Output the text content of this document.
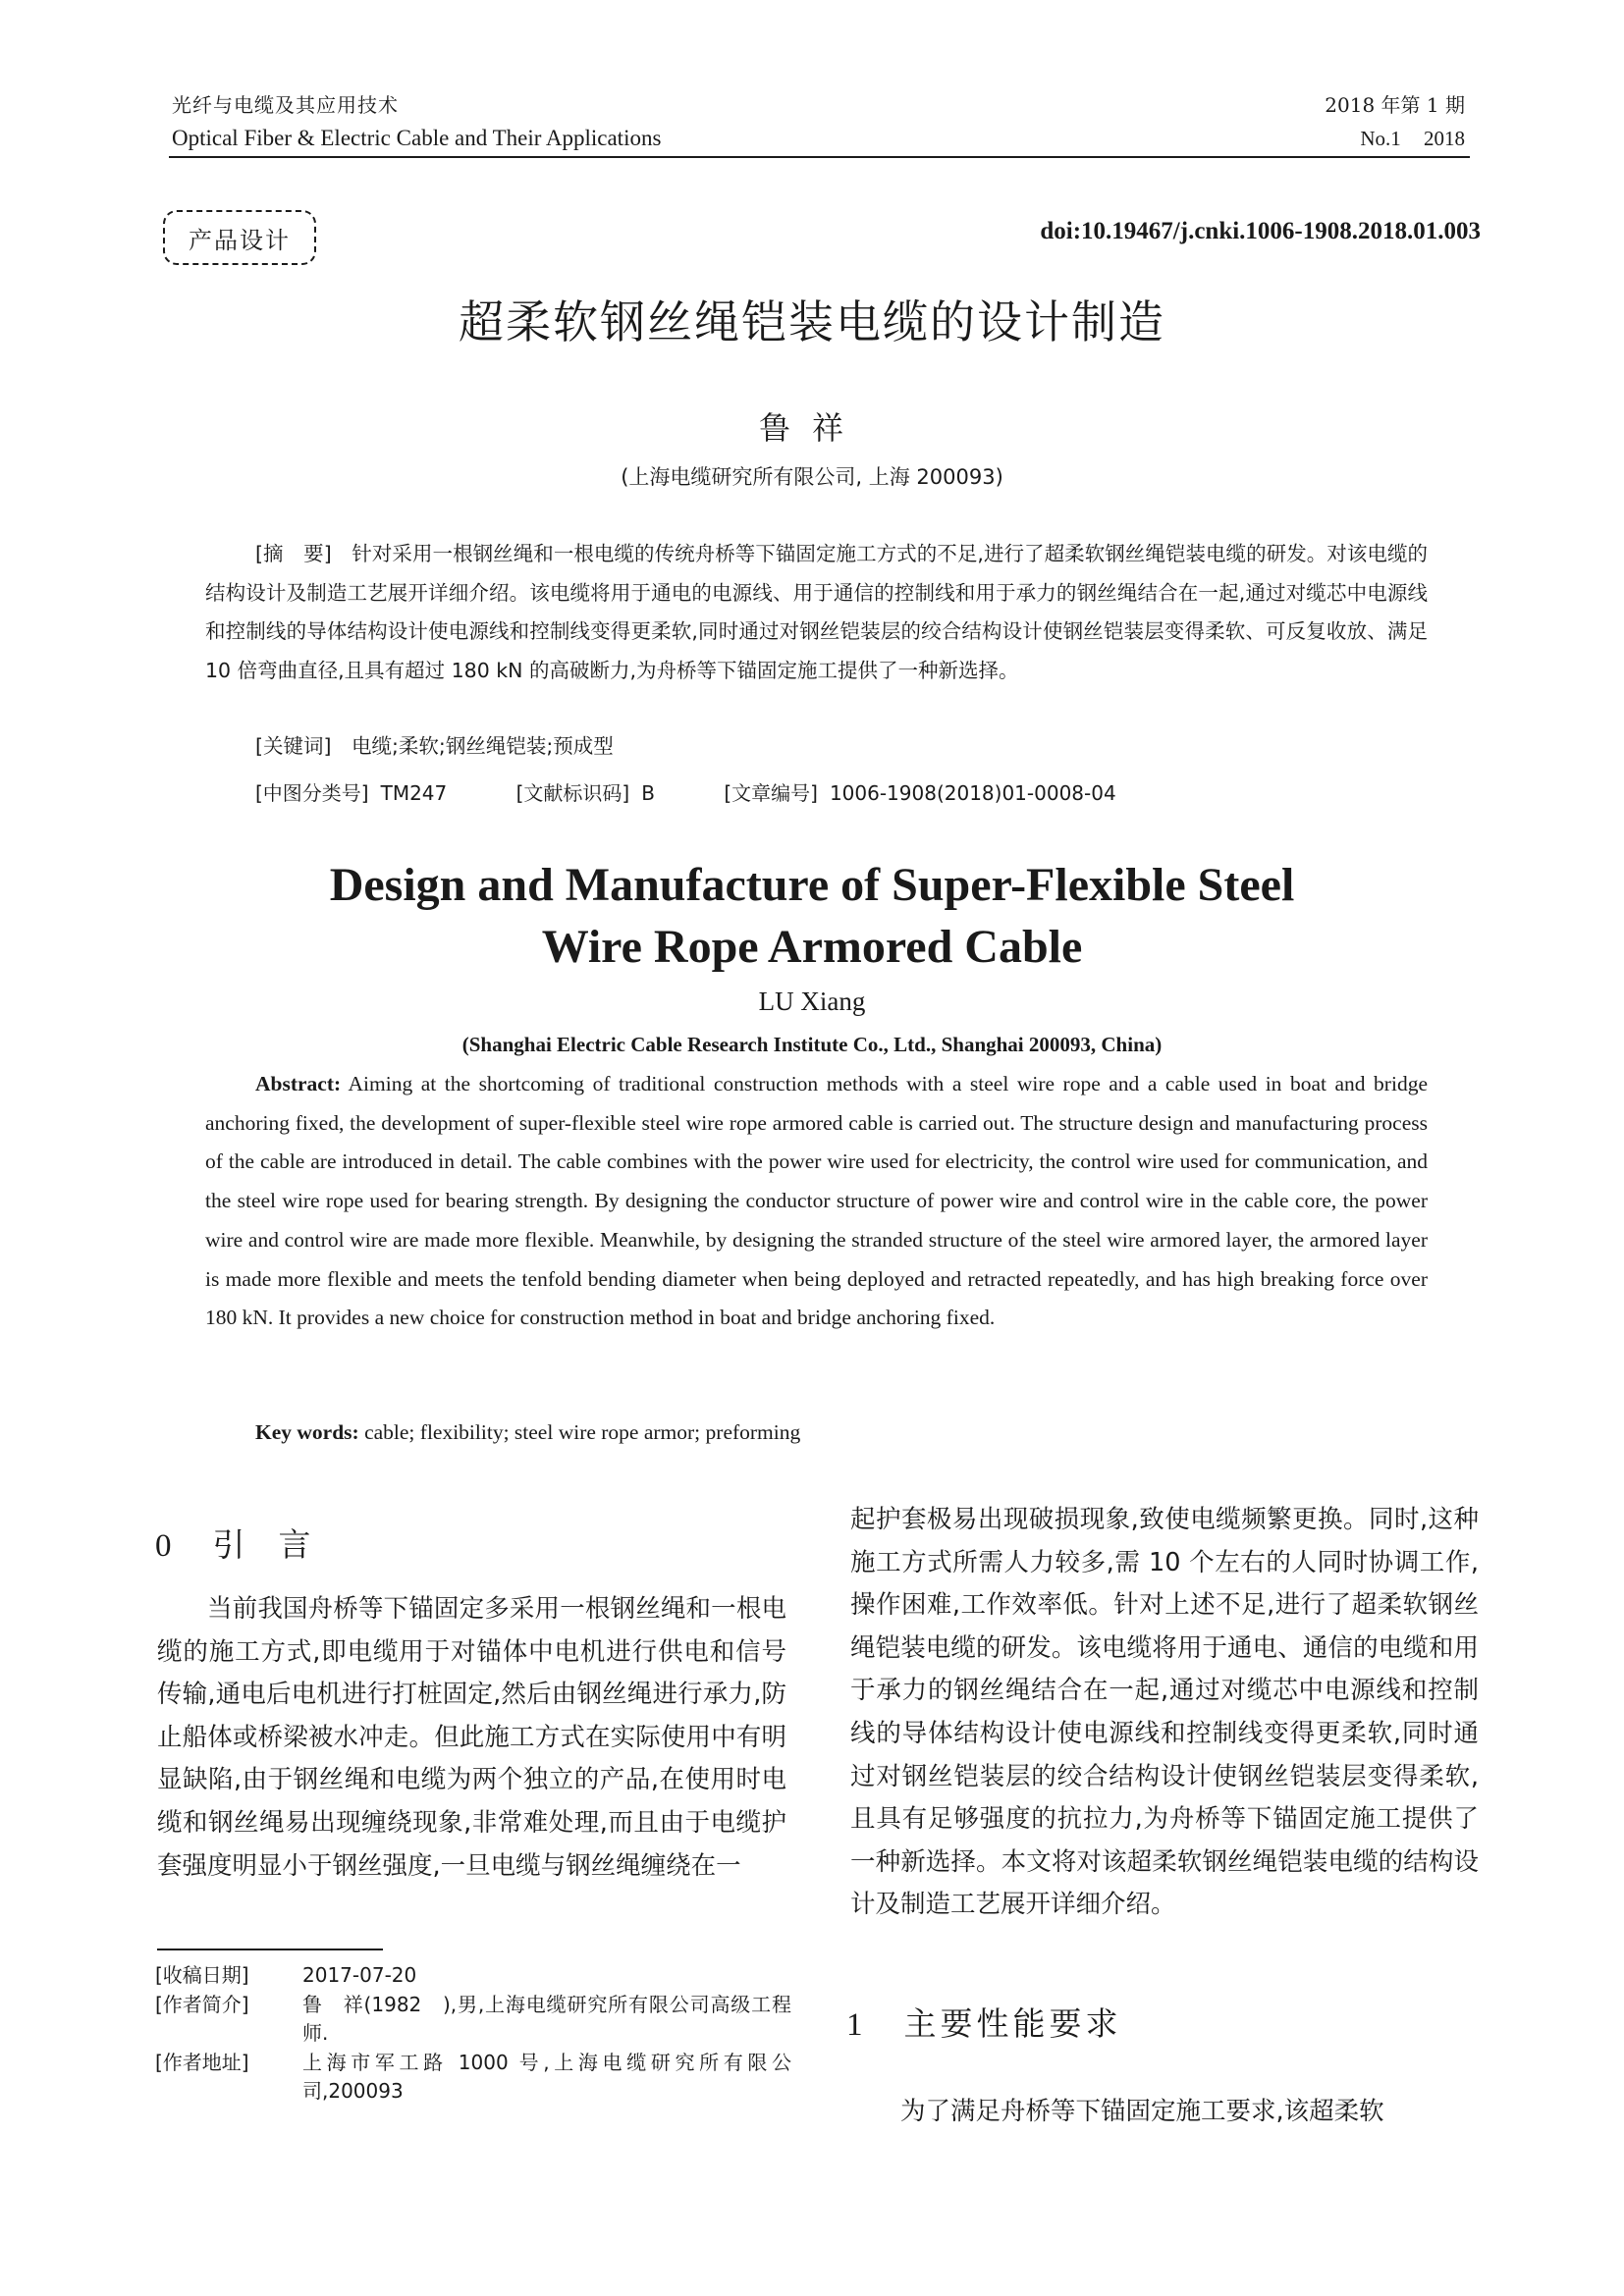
光纤与电缆及其应用技术
Optical Fiber & Electric Cable and Their Applications
2018 年第 1 期
No.1 2018
产品设计	doi:10.19467/j.cnki.1006-1908.2018.01.003
超柔软钢丝绳铠装电缆的设计制造
鲁祥
(上海电缆研究所有限公司, 上海 200093)

[摘　要]　 针对采用一根钢丝绳和一根电缆的传统舟桥等下锚固定施工方式的不足,进行了超柔软钢丝绳铠装电缆的研发。对该电缆的结构设计及制造工艺展开详细介绍。该电缆将用于通电的电源线、用于通信的控制线和用于承力的钢丝绳结合在一起,通过对缆芯中电源线和控制线的导体结构设计使电源线和控制线变得更柔软,同时通过对钢丝铠装层的绞合结构设计使钢丝铠装层变得柔软、可反复收放、满足 10 倍弯曲直径,且具有超过 180 kN 的高破断力,为舟桥等下锚固定施工提供了一种新选择。

[关键词]　 电缆;柔软;钢丝绳铠装;预成型
[中图分类号] TM247	[文献标识码] B	[文章编号] 1006-1908(2018)01-0008-04
Design and Manufacture of Super-Flexible Steel
Wire Rope Armored Cable
LU Xiang
(Shanghai Electric Cable Research Institute Co., Ltd., Shanghai 200093, China)

Abstract: Aiming at the shortcoming of traditional construction methods with a steel wire rope and a cable used in boat and bridge anchoring fixed, the development of super-flexible steel wire rope armored cable is carried out. The structure design and manufacturing process of the cable are introduced in detail. The cable combines with the power wire used for electricity, the control wire used for communication, and the steel wire rope used for bearing strength. By designing the conductor structure of power wire and control wire in the cable core, the power wire and control wire are made more flexible. Meanwhile, by designing the stranded structure of the steel wire armored layer, the armored layer is made more flexible and meets the tenfold bending diameter when being deployed and retracted repeatedly, and has high breaking force over 180 kN. It provides a new choice for construction method in boat and bridge anchoring fixed.

Key words: cable; flexibility; steel wire rope armor; preforming
0 引言

当前我国舟桥等下锚固定多采用一根钢丝绳和一根电缆的施工方式,即电缆用于对锚体中电机进行供电和信号传输,通电后电机进行打桩固定,然后由钢丝绳进行承力,防止船体或桥梁被水冲走。但此施工方式在实际使用中有明显缺陷,由于钢丝绳和电缆为两个独立的产品,在使用时电缆和钢丝绳易出现缠绕现象,非常难处理,而且由于电缆护套强度明显小于钢丝强度,一旦电缆与钢丝绳缠绕在一

[收稿日期]	2017-07-20
[作者简介]	鲁　祥(1982　),男,上海电缆研究所有限公司高级工程师.
[作者地址]	上海市军工路 1000 号,上海电缆研究所有限公司,200093

起护套极易出现破损现象,致使电缆频繁更换。同时,这种施工方式所需人力较多,需 10 个左右的人同时协调工作,操作困难,工作效率低。针对上述不足,进行了超柔软钢丝绳铠装电缆的研发。该电缆将用于通电、通信的电缆和用于承力的钢丝绳结合在一起,通过对缆芯中电源线和控制线的导体结构设计使电源线和控制线变得更柔软,同时通过对钢丝铠装层的绞合结构设计使钢丝铠装层变得柔软,且具有足够强度的抗拉力,为舟桥等下锚固定施工提供了一种新选择。本文将对该超柔软钢丝绳铠装电缆的结构设计及制造工艺展开详细介绍。

1 主要性能要求

为了满足舟桥等下锚固定施工要求,该超柔软
